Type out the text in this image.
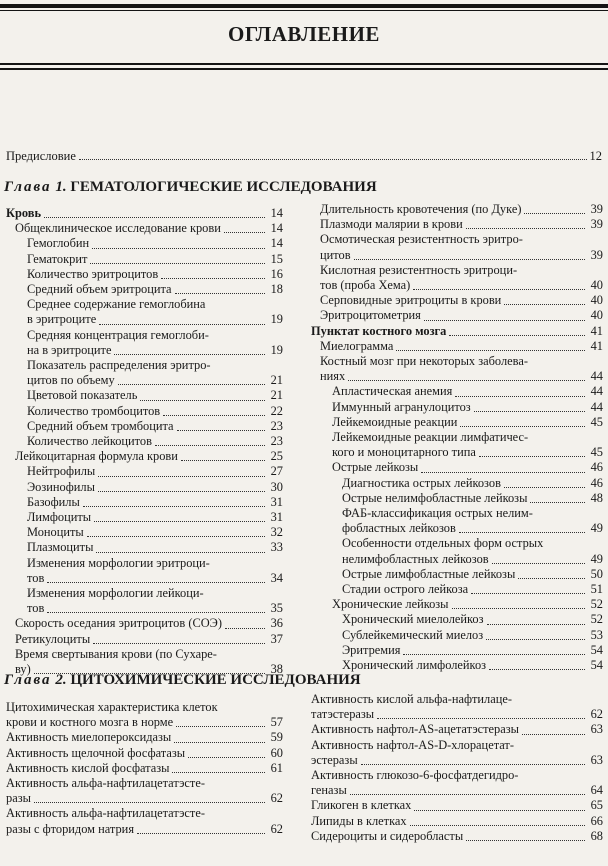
ОГЛАВЛЕНИЕ
Предисловие	12
Глава 1. ГЕМАТОЛОГИЧЕСКИЕ ИССЛЕДОВАНИЯ
Кровь	14
Общеклиническое исследование крови	14
Гемоглобин	14
Гематокрит	15
Количество эритроцитов	16
Средний объем эритроцита	18
Среднее содержание гемоглобина
в эритроците	19
Средняя концентрация гемоглоби-
на в эритроците	19
Показатель распределения эритро-
цитов по объему	21
Цветовой показатель	21
Количество тромбоцитов	22
Средний объем тромбоцита	23
Количество лейкоцитов	23
Лейкоцитарная формула крови	25
Нейтрофилы	27
Эозинофилы	30
Базофилы	31
Лимфоциты	31
Моноциты	32
Плазмоциты	33
Изменения морфологии эритроци-
тов	34
Изменения морфологии лейкоци-
тов	35
Скорость оседания эритроцитов (СОЭ)	36
Ретикулоциты	37
Время свертывания крови (по Сухаре-
ву)	38
Длительность кровотечения (по Дуке)	39
Плазмоди малярии в крови	39
Осмотическая резистентность эритро-
цитов	39
Кислотная резистентность эритроци-
тов (проба Хема)	40
Серповидные эритроциты в крови	40
Эритроцитометрия	40
Пунктат костного мозга	41
Миелограмма	41
Костный мозг при некоторых заболева-
ниях	44
Апластическая анемия	44
Иммунный агранулоцитоз	44
Лейкемоидные реакции	45
Лейкемоидные реакции лимфатичес-
кого и моноцитарного типа	45
Острые лейкозы	46
Диагностика острых лейкозов	46
Острые нелимфобластные лейкозы	48
ФАБ-классификация острых нелим-
фобластных лейкозов	49
Особенности отдельных форм острых
нелимфобластных лейкозов	49
Острые лимфобластные лейкозы	50
Стадии острого лейкоза	51
Хронические лейкозы	52
Хронический миелолейкоз	52
Сублейкемический миелоз	53
Эритремия	54
Хронический лимфолейкоз	54
Глава 2. ЦИТОХИМИЧЕСКИЕ ИССЛЕДОВАНИЯ
Цитохимическая характеристика клеток
крови и костного мозга в норме	57
Активность миелопероксидазы	59
Активность щелочной фосфатазы	60
Активность кислой фосфатазы	61
Активность альфа-нафтилацетатэсте-
разы	62
Активность альфа-нафтилацетатэсте-
разы с фторидом натрия	62
Активность кислой альфа-нафтилаце-
татэстеразы	62
Активность нафтол-AS-ацетатэстеразы	63
Активность нафтол-AS-D-хлорацетат-
эстеразы	63
Активность глюкозо-6-фосфатдегидро-
геназы	64
Гликоген в клетках	65
Липиды в клетках	66
Сидероциты и сидеробласты	68
